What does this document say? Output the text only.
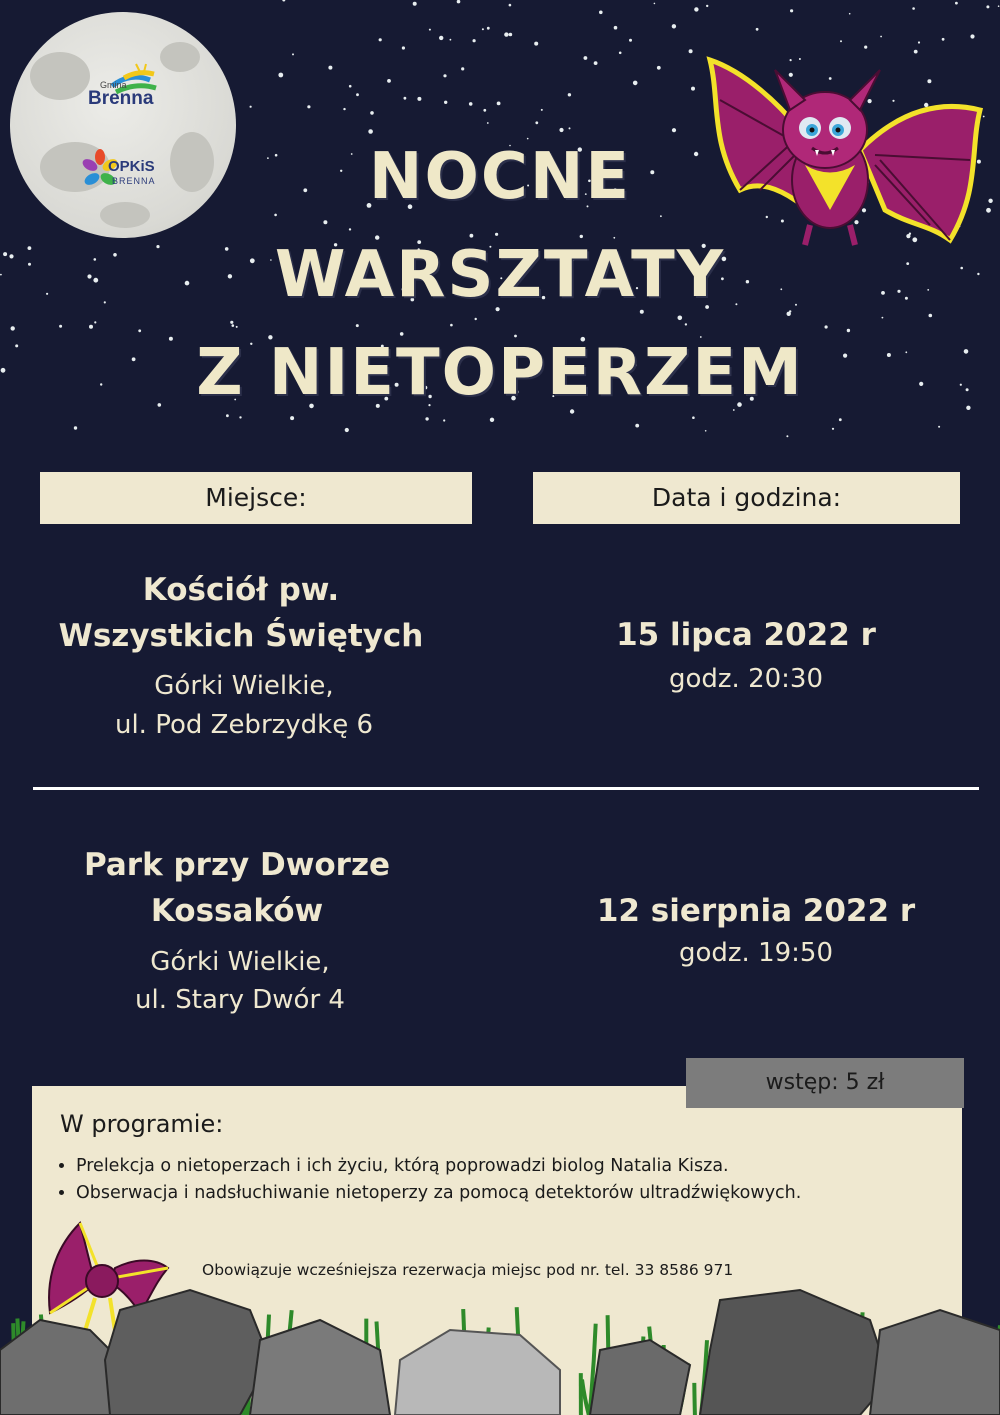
Gmina
Brenna
OPKiS
BRENNA	NOCNE
WARSZTATY
Z NIETOPERZEM
Miejsce:	Data i godzina:
Kościół pw.
Wszystkich Świętych
Górki Wielkie,
ul. Pod Zebrzydkę 6
15 lipca 2022 r
godz. 20:30
Park przy Dworze
Kossaków
Górki Wielkie,
ul. Stary Dwór 4
12 sierpnia 2022 r
godz. 19:50
wstęp: 5 zł
W programie:
• Prelekcja o nietoperzach i ich życiu, którą poprowadzi biolog Natalia Kisza.
• Obserwacja i nadsłuchiwanie nietoperzy za pomocą detektorów ultradźwiękowych.
Obowiązuje wcześniejsza rezerwacja miejsc pod nr. tel. 33 8586 971
